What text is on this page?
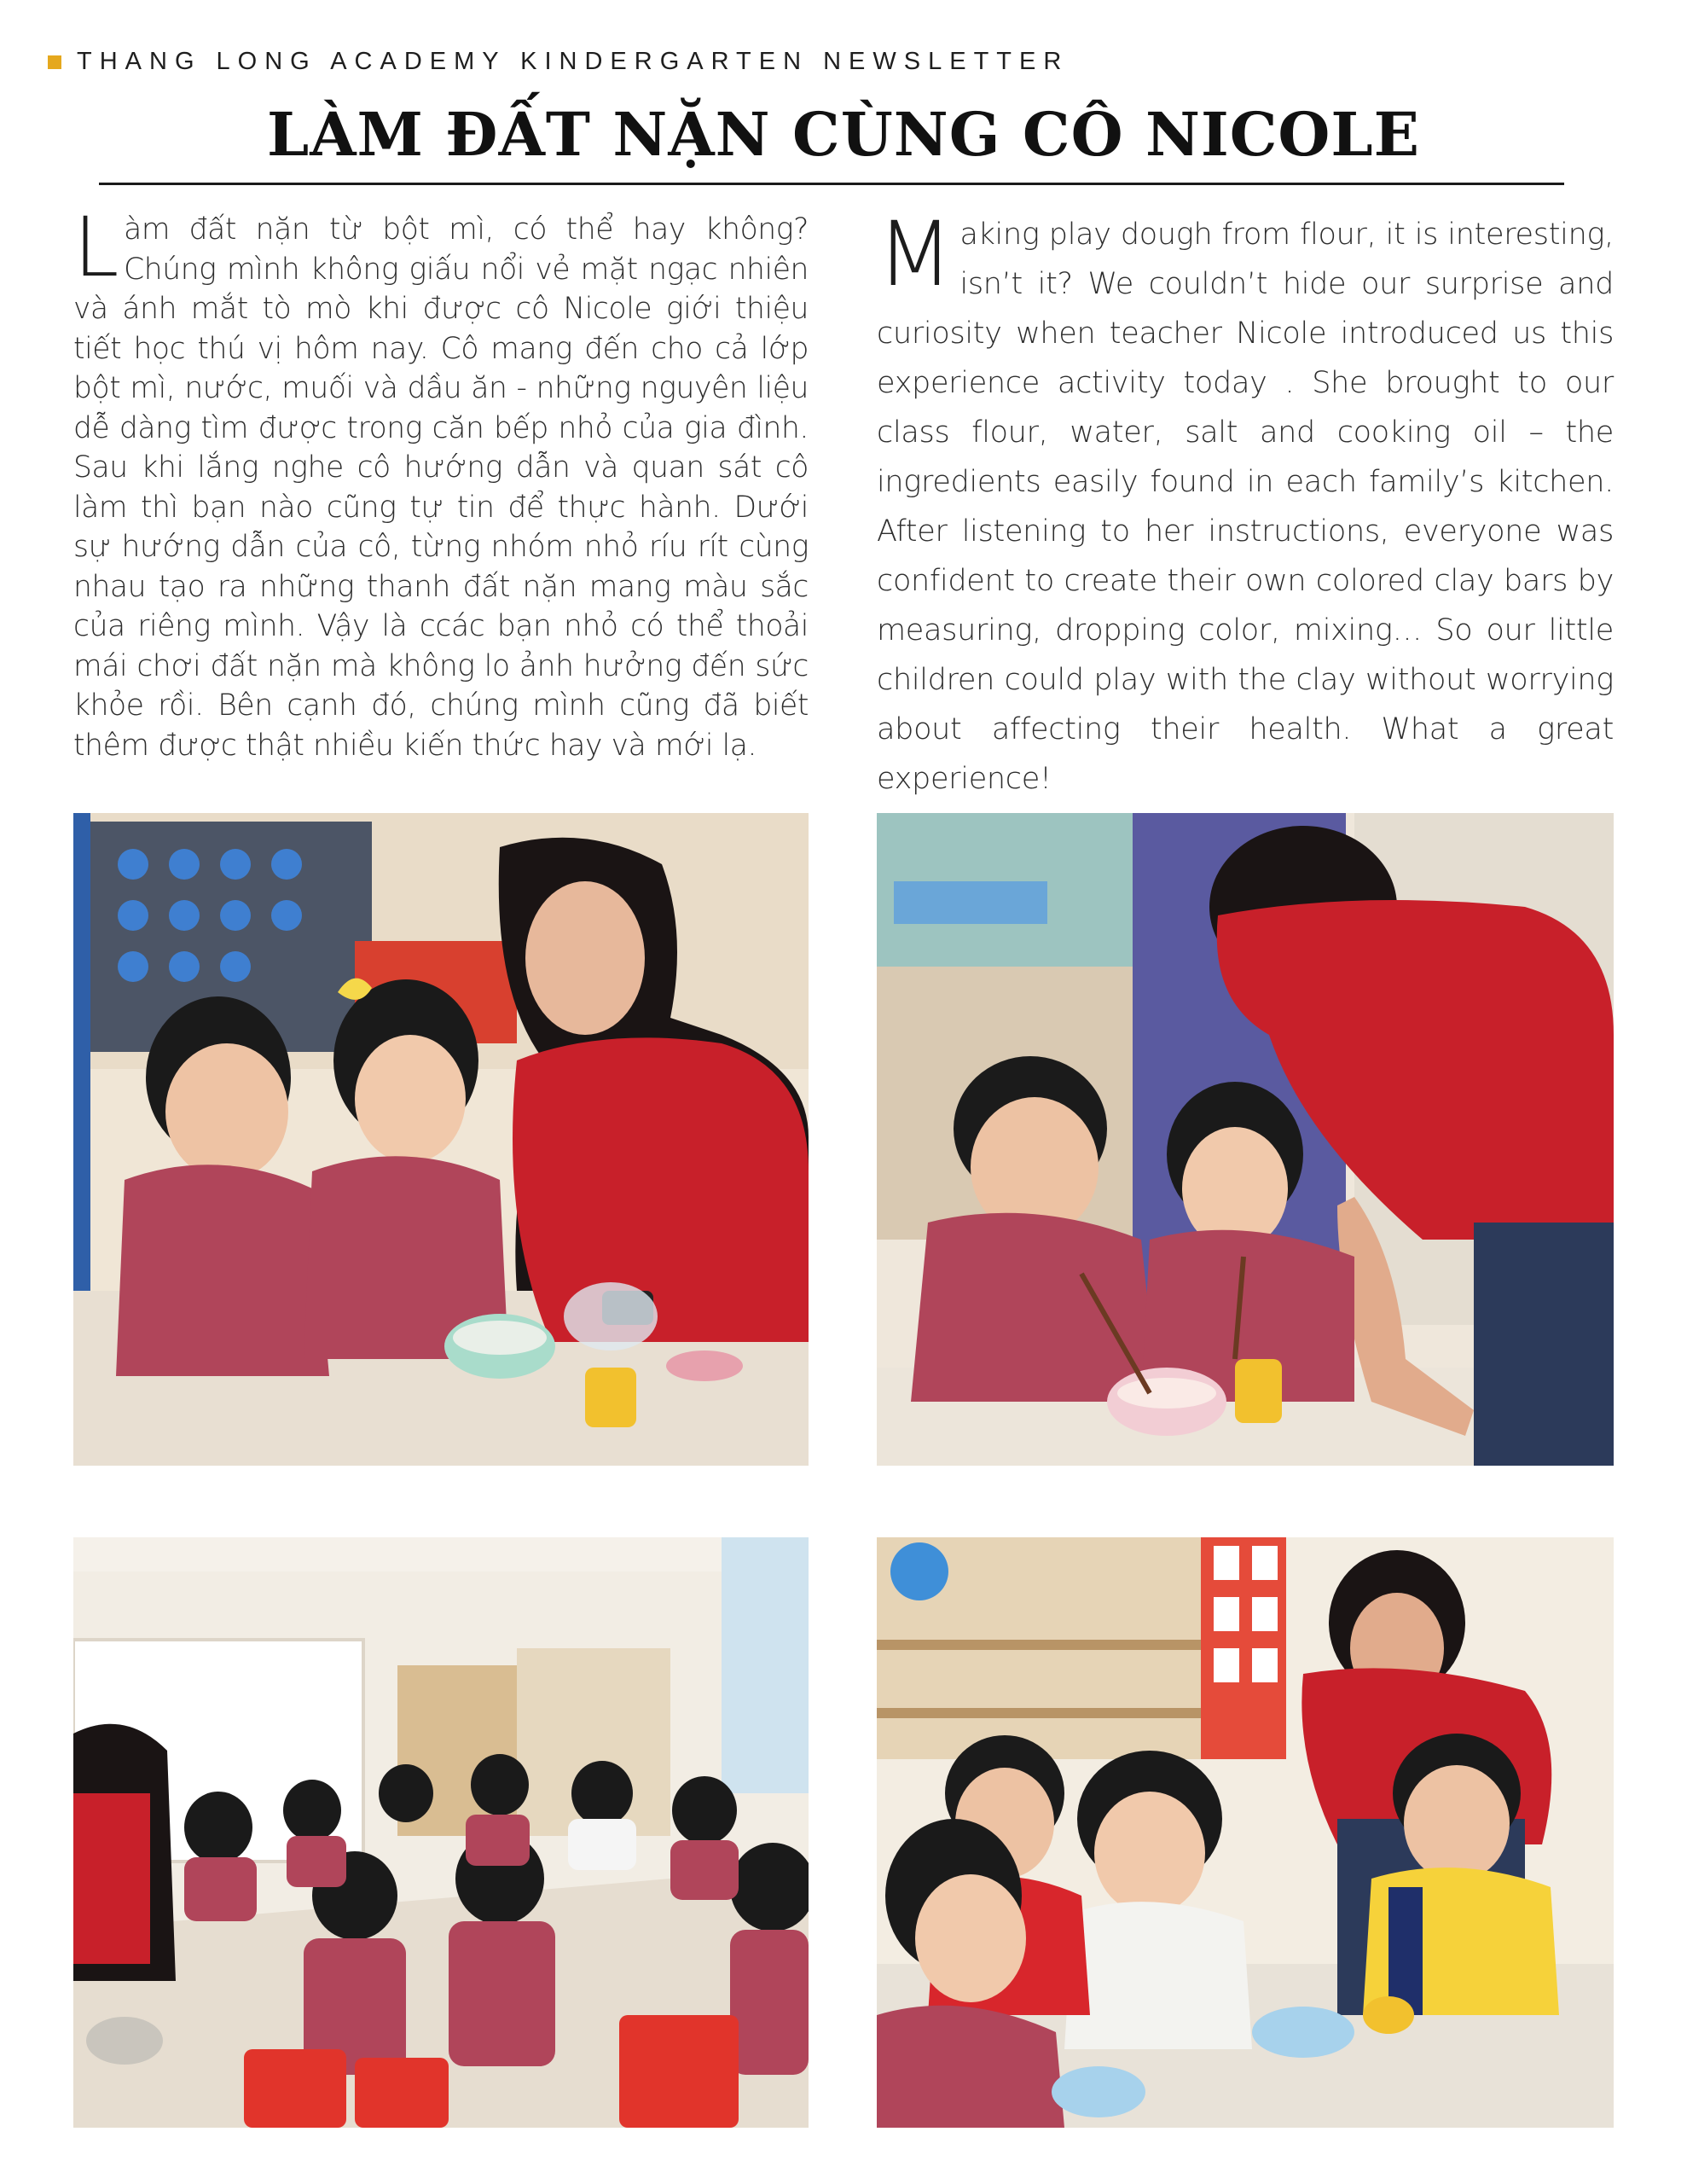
THANG LONG ACADEMY KINDERGARTEN NEWSLETTER
LÀM ĐẤT NẶN CÙNG CÔ NICOLE
Làm đất nặn từ bột mì, có thể hay không? Chúng mình không giấu nổi vẻ mặt ngạc nhiên và ánh mắt tò mò khi được cô Nicole giới thiệu tiết học thú vị hôm nay. Cô mang đến cho cả lớp bột mì, nước, muối và dầu ăn - những nguyên liệu dễ dàng tìm được trong căn bếp nhỏ của gia đình. Sau khi lắng nghe cô hướng dẫn và quan sát cô làm thì bạn nào cũng tự tin để thực hành. Dưới sự hướng dẫn của cô, từng nhóm nhỏ ríu rít cùng nhau tạo ra những thanh đất nặn mang màu sắc của riêng mình. Vậy là ccác bạn nhỏ có thể thoải mái chơi đất nặn mà không lo ảnh hưởng đến sức khỏe rồi. Bên cạnh đó, chúng mình cũng đã biết thêm được thật nhiều kiến thức hay và mới lạ.
Making play dough from flour, it is interesting, isn’t it? We couldn’t hide our surprise and curiosity when teacher Nicole introduced us this experience activity today . She brought to our class flour, water, salt and cooking oil – the ingredients easily found in each family’s kitchen. After listening to her instructions, everyone was confident to create their own colored clay bars by measuring, dropping color, mixing… So our little children could play with the clay without worrying about affecting their health. What a great experience!
